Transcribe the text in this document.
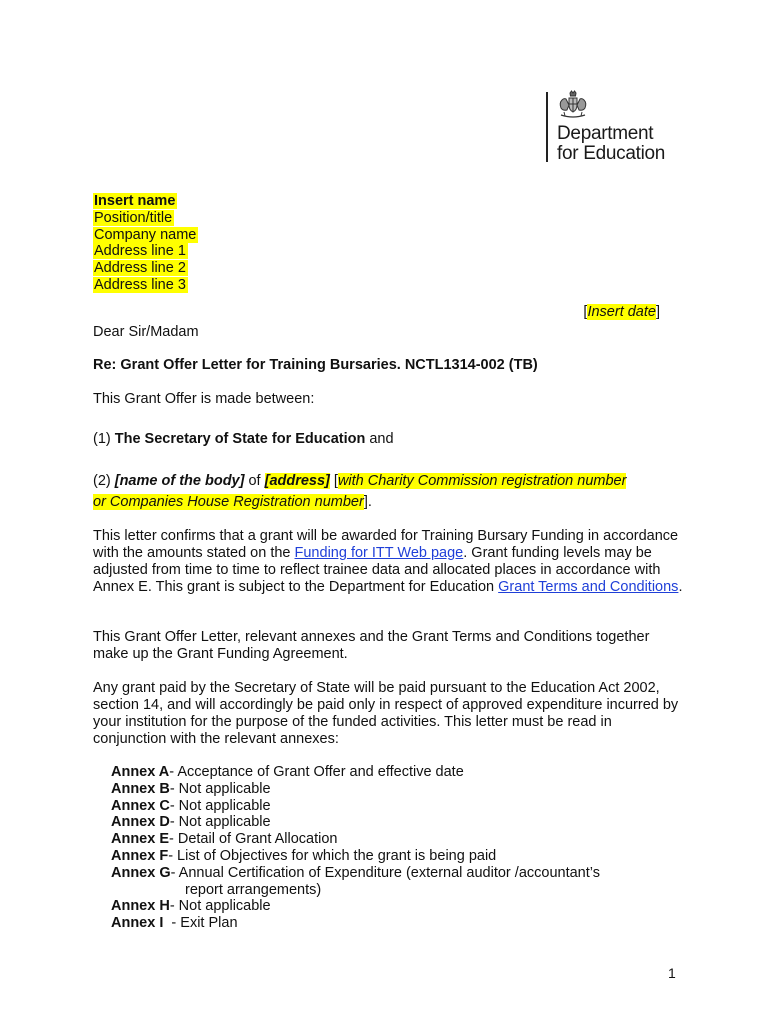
Department
for Education
Insert name
Position/title
Company name
Address line 1
Address line 2
Address line 3
[Insert date]
Dear Sir/Madam
Re: Grant Offer Letter for Training Bursaries. NCTL1314-002 (TB)
This Grant Offer is made between:
(1) The Secretary of State for Education and
(2) [name of the body] of [address] [with Charity Commission registration number
or Companies House Registration number].
This letter confirms that a grant will be awarded for Training Bursary Funding in accordance with the amounts stated on the Funding for ITT Web page. Grant funding levels may be adjusted from time to time to reflect trainee data and allocated places in accordance with Annex E. This grant is subject to the Department for Education Grant Terms and Conditions.
This Grant Offer Letter, relevant annexes and the Grant Terms and Conditions together make up the Grant Funding Agreement.
Any grant paid by the Secretary of State will be paid pursuant to the Education Act 2002, section 14, and will accordingly be paid only in respect of approved expenditure incurred by your institution for the purpose of the funded activities. This letter must be read in conjunction with the relevant annexes:
Annex A - Acceptance of Grant Offer and effective date
Annex B - Not applicable
Annex C - Not applicable
Annex D - Not applicable
Annex E - Detail of Grant Allocation
Annex F - List of Objectives for which the grant is being paid
Annex G - Annual Certification of Expenditure (external auditor /accountant’s
report arrangements)
Annex H - Not applicable
Annex I - Exit Plan
1
